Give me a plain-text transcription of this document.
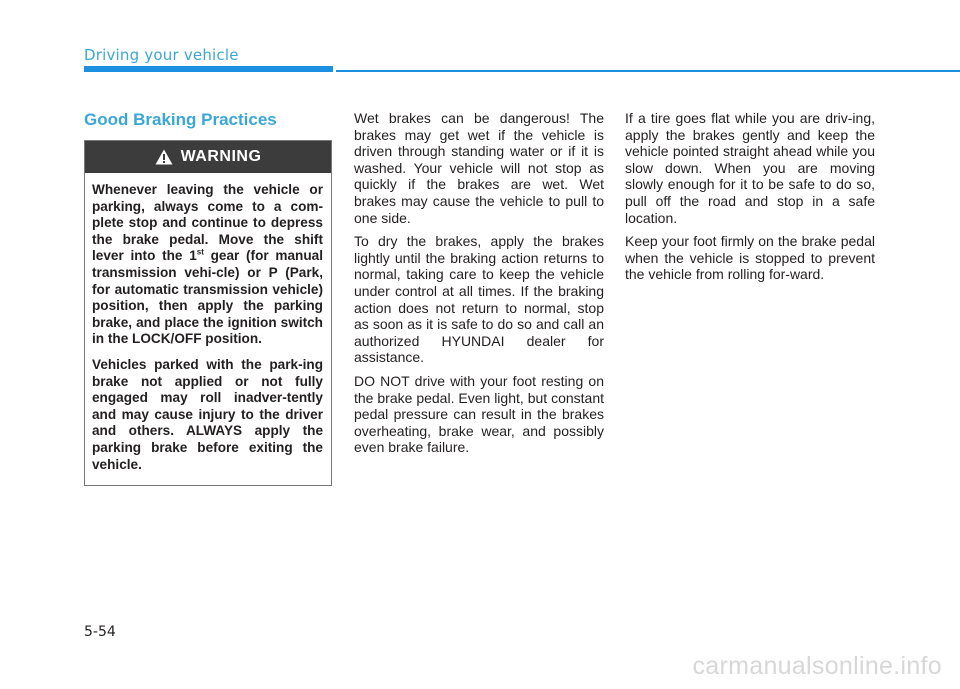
Driving your vehicle
Good Braking Practices
WARNING

Whenever leaving the vehicle or parking, always come to a com-plete stop and continue to depress the brake pedal. Move the shift lever into the 1st gear (for manual transmission vehi-cle) or P (Park, for automatic transmission vehicle) position, then apply the parking brake, and place the ignition switch in the LOCK/OFF position.

Vehicles parked with the park-ing brake not applied or not fully engaged may roll inadver-tently and may cause injury to the driver and others. ALWAYS apply the parking brake before exiting the vehicle.

Wet brakes can be dangerous! The brakes may get wet if the vehicle is driven through standing water or if it is washed. Your vehicle will not stop as quickly if the brakes are wet. Wet brakes may cause the vehicle to pull to one side.

To dry the brakes, apply the brakes lightly until the braking action returns to normal, taking care to keep the vehicle under control at all times. If the braking action does not return to normal, stop as soon as it is safe to do so and call an authorized HYUNDAI dealer for assistance.

DO NOT drive with your foot resting on the brake pedal. Even light, but constant pedal pressure can result in the brakes overheating, brake wear, and possibly even brake failure.

If a tire goes flat while you are driv-ing, apply the brakes gently and keep the vehicle pointed straight ahead while you slow down. When you are moving slowly enough for it to be safe to do so, pull off the road and stop in a safe location.

Keep your foot firmly on the brake pedal when the vehicle is stopped to prevent the vehicle from rolling for-ward.

5-54
carmanualsonline.info
